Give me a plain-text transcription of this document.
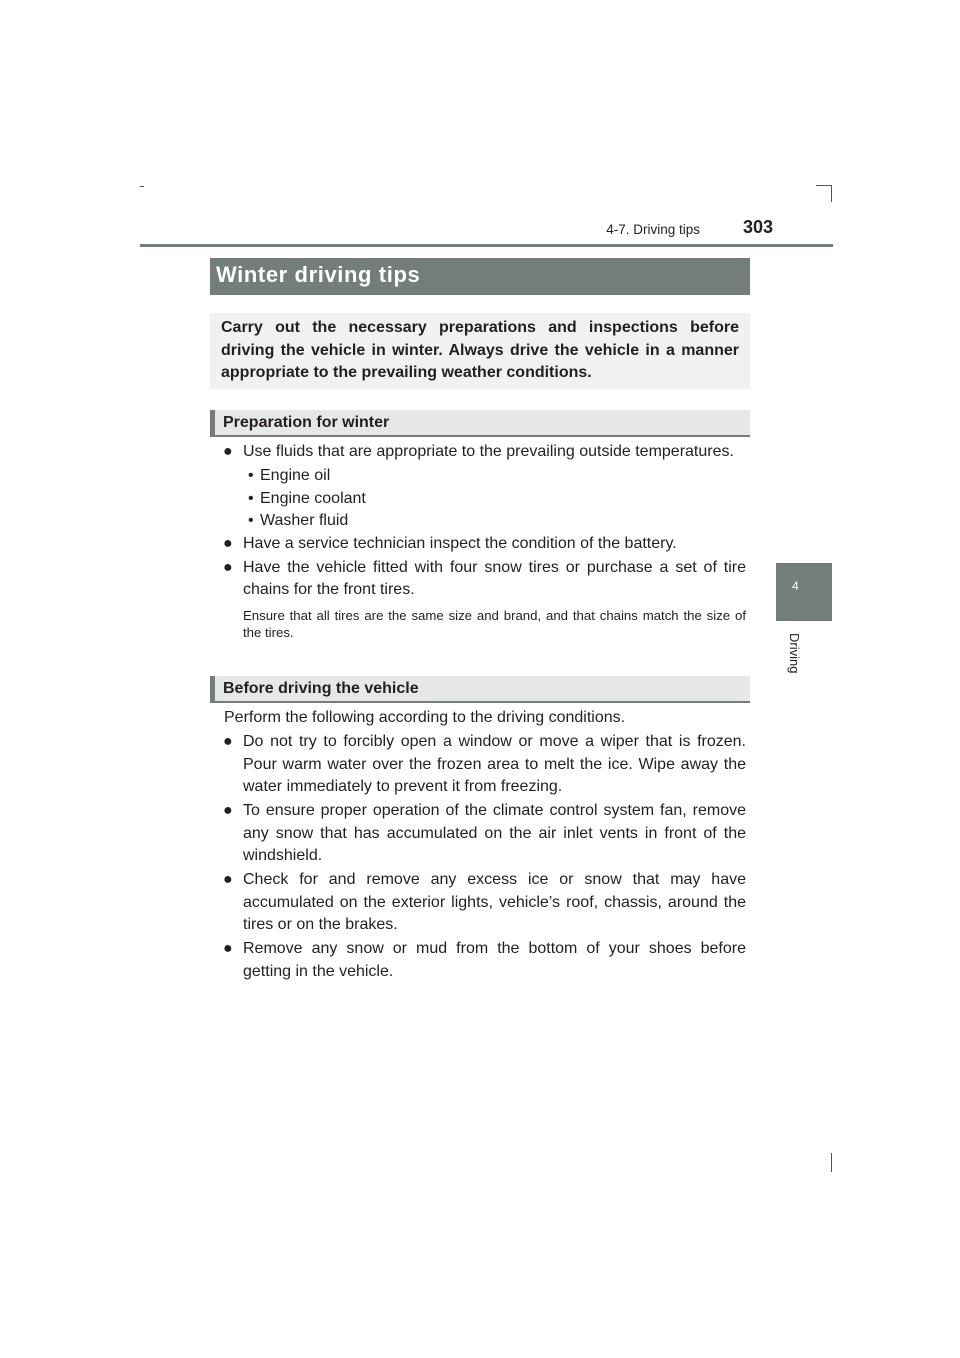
4-7. Driving tips 303
4
Driving
Winter driving tips

Carry out the necessary preparations and inspections before driving the vehicle in winter. Always drive the vehicle in a manner appropriate to the prevailing weather conditions.

Preparation for winter
● Use fluids that are appropriate to the prevailing outside temperatures.
• Engine oil
• Engine coolant
• Washer fluid
● Have a service technician inspect the condition of the battery.
● Have the vehicle fitted with four snow tires or purchase a set of tire chains for the front tires.
Ensure that all tires are the same size and brand, and that chains match the size of the tires.
Before driving the vehicle
Perform the following according to the driving conditions.
● Do not try to forcibly open a window or move a wiper that is frozen. Pour warm water over the frozen area to melt the ice. Wipe away the water immediately to prevent it from freezing.
● To ensure proper operation of the climate control system fan, remove any snow that has accumulated on the air inlet vents in front of the windshield.
● Check for and remove any excess ice or snow that may have accumulated on the exterior lights, vehicle’s roof, chassis, around the tires or on the brakes.
● Remove any snow or mud from the bottom of your shoes before getting in the vehicle.
